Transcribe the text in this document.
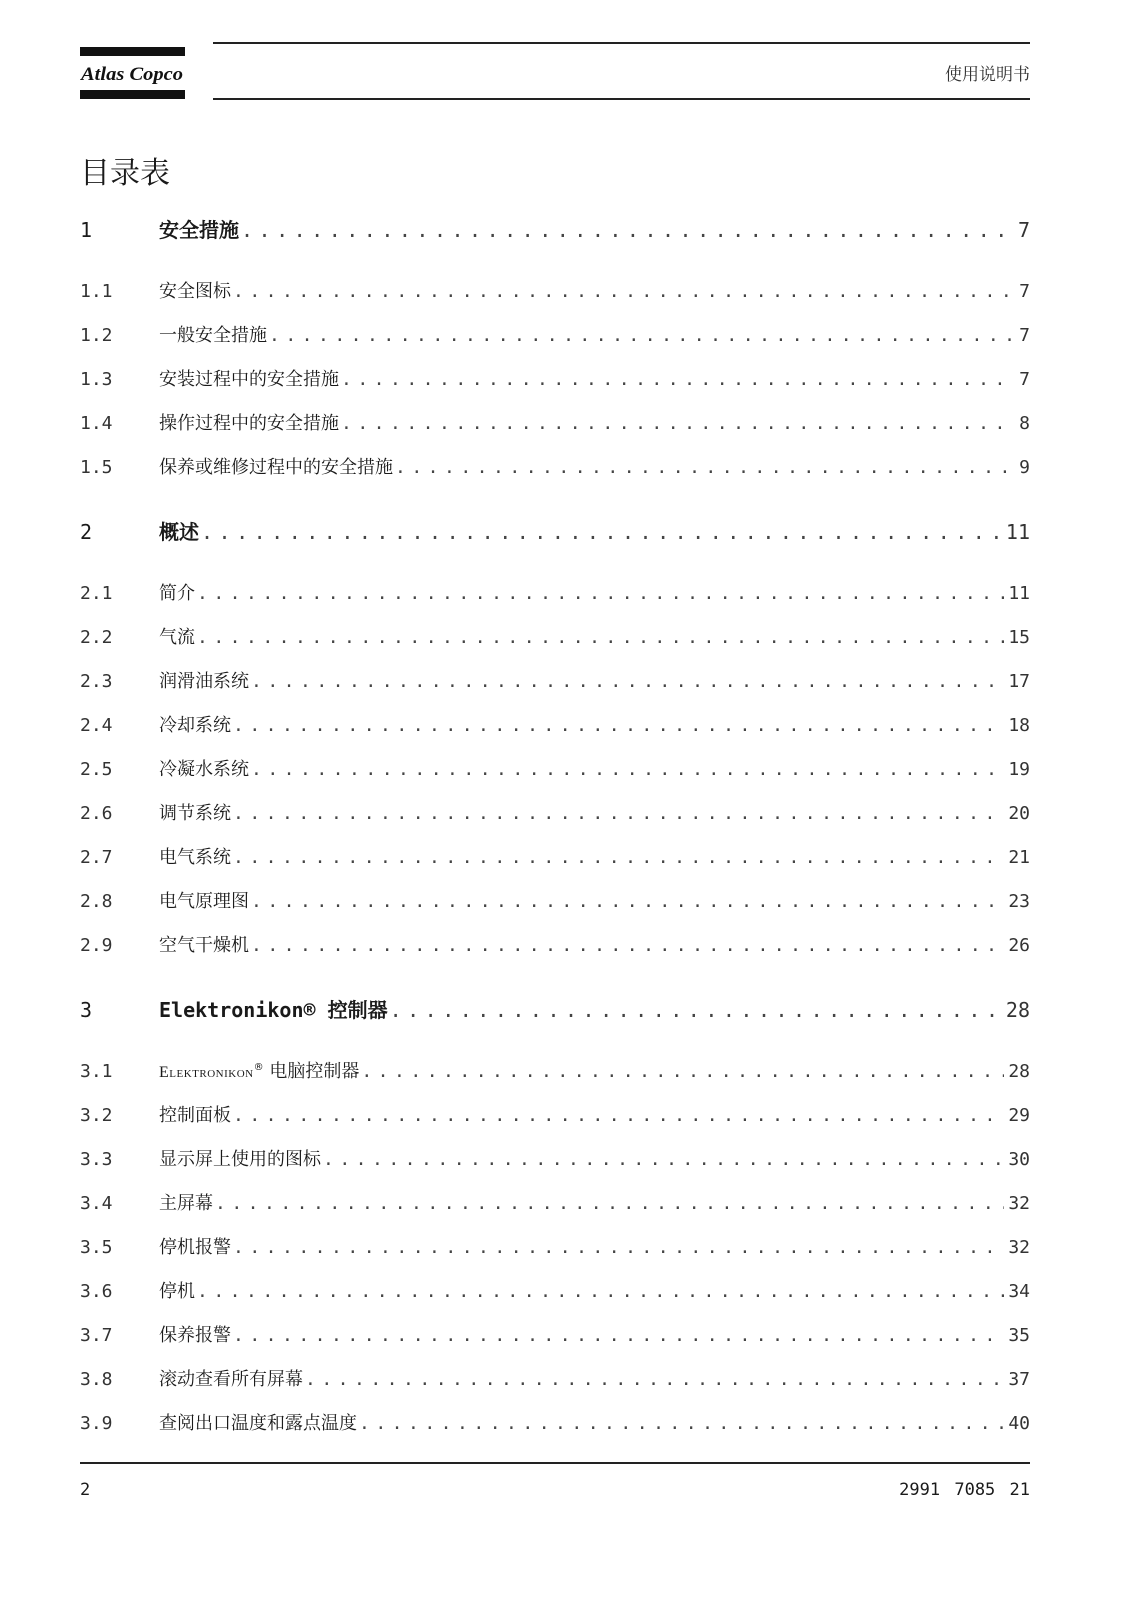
Atlas Copco	使用说明书
目录表
1	安全措施 .....	7
1.1	安全图标 .....	7
1.2	一般安全措施 .....	7
1.3	安装过程中的安全措施 .....	7
1.4	操作过程中的安全措施 .....	8
1.5	保养或维修过程中的安全措施 .....	9
2	概述 .....	11
2.1	简介 .....	11
2.2	气流 .....	15
2.3	润滑油系统 .....	17
2.4	冷却系统 .....	18
2.5	冷凝水系统 .....	19
2.6	调节系统 .....	20
2.7	电气系统 .....	21
2.8	电气原理图 .....	23
2.9	空气干燥机 .....	26
3	Elektronikon® 控制器 .....	28
3.1	Elektronikon® 电脑控制器 .....	28
3.2	控制面板 .....	29
3.3	显示屏上使用的图标 .....	30
3.4	主屏幕 .....	32
3.5	停机报警 .....	32
3.6	停机 .....	34
3.7	保养报警 .....	35
3.8	滚动查看所有屏幕 .....	37
3.9	查阅出口温度和露点温度 .....	40
2	2991 7085 21
